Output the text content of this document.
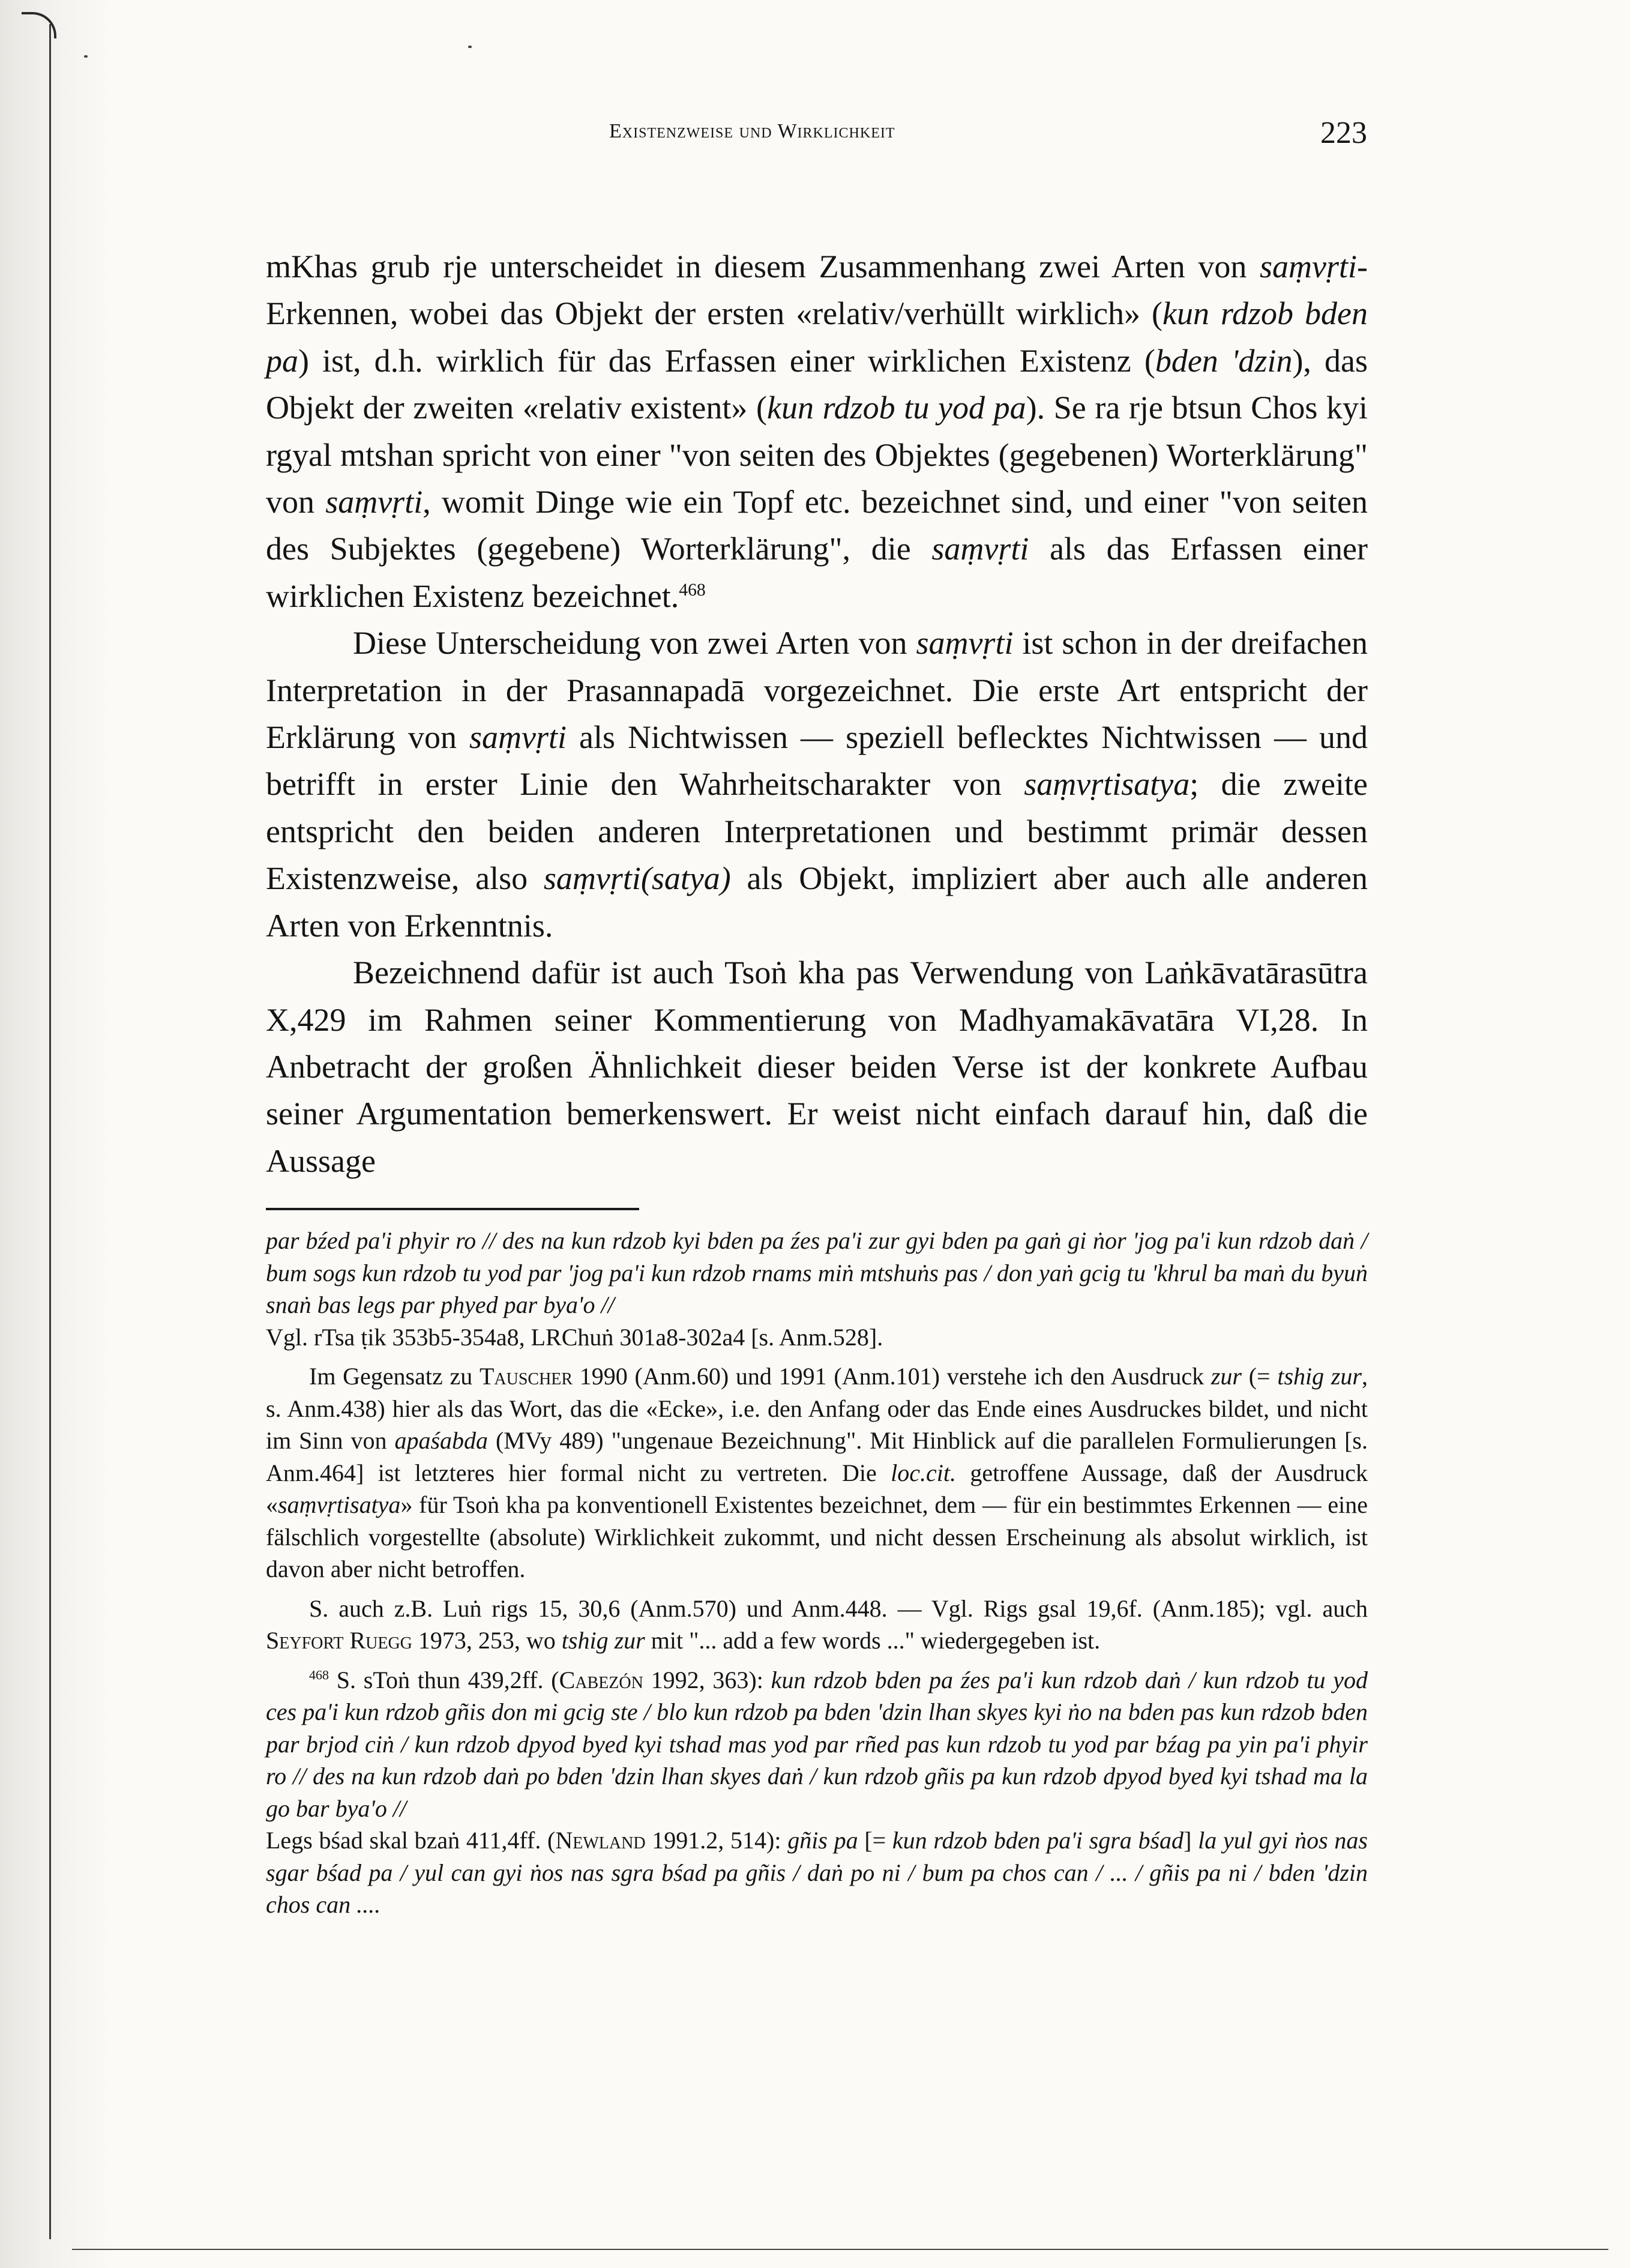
Existenzweise und Wirklichkeit	223

mKhas grub rje unterscheidet in diesem Zusammenhang zwei Arten von saṃvṛti-Erkennen, wobei das Objekt der ersten «relativ/verhüllt wirklich» (kun rdzob bden pa) ist, d.h. wirklich für das Erfassen einer wirklichen Existenz (bden 'dzin), das Objekt der zweiten «relativ existent» (kun rdzob tu yod pa). Se ra rje btsun Chos kyi rgyal mtshan spricht von einer "von seiten des Objektes (gegebenen) Worterklärung" von saṃvṛti, womit Dinge wie ein Topf etc. bezeichnet sind, und einer "von seiten des Subjektes (gegebene) Worterklärung", die saṃvṛti als das Erfassen einer wirklichen Existenz bezeichnet.$^{468}$

Diese Unterscheidung von zwei Arten von saṃvṛti ist schon in der dreifachen Interpretation in der Prasannapadā vorgezeichnet. Die erste Art entspricht der Erklärung von saṃvṛti als Nichtwissen — speziell beflecktes Nichtwissen — und betrifft in erster Linie den Wahrheitscharakter von saṃvṛtisatya; die zweite entspricht den beiden anderen Interpretationen und bestimmt primär dessen Existenzweise, also saṃvṛti(satya) als Objekt, impliziert aber auch alle anderen Arten von Erkenntnis.

Bezeichnend dafür ist auch Tsoṅ kha pas Verwendung von Laṅkāvatārasūtra X,429 im Rahmen seiner Kommentierung von Madhyamakāvatāra VI,28. In Anbetracht der großen Ähnlichkeit dieser beiden Verse ist der konkrete Aufbau seiner Argumentation bemerkenswert. Er weist nicht einfach darauf hin, daß die Aussage

par bźed pa'i phyir ro // des na kun rdzob kyi bden pa źes pa'i zur gyi bden pa gaṅ gi ṅor 'jog pa'i kun rdzob daṅ / bum sogs kun rdzob tu yod par 'jog pa'i kun rdzob rnams miṅ mtshuṅs pas / don yaṅ gcig tu 'khrul ba maṅ du byuṅ snaṅ bas legs par phyed par bya'o //

Vgl. rTsa ṭik 353b5-354a8, LRChuṅ 301a8-302a4 [s. Anm.528].

Im Gegensatz zu Tauscher 1990 (Anm.60) und 1991 (Anm.101) verstehe ich den Ausdruck zur (= tshig zur, s. Anm.438) hier als das Wort, das die «Ecke», i.e. den Anfang oder das Ende eines Ausdruckes bildet, und nicht im Sinn von apaśabda (MVy 489) "ungenaue Bezeichnung". Mit Hinblick auf die parallelen Formulierungen [s. Anm.464] ist letzteres hier formal nicht zu vertreten. Die loc.cit. getroffene Aussage, daß der Ausdruck «saṃvṛtisatya» für Tsoṅ kha pa konventionell Existentes bezeichnet, dem — für ein bestimmtes Erkennen — eine fälschlich vorgestellte (absolute) Wirklichkeit zukommt, und nicht dessen Erscheinung als absolut wirklich, ist davon aber nicht betroffen.

S. auch z.B. Luṅ rigs 15, 30,6 (Anm.570) und Anm.448. — Vgl. Rigs gsal 19,6f. (Anm.185); vgl. auch Seyfort Ruegg 1973, 253, wo tshig zur mit "... add a few words ..." wiedergegeben ist.

$^{468}$ S. sToṅ thun 439,2ff. (Cabezón 1992, 363): kun rdzob bden pa źes pa'i kun rdzob daṅ / kun rdzob tu yod ces pa'i kun rdzob gñis don mi gcig ste / blo kun rdzob pa bden 'dzin lhan skyes kyi ṅo na bden pas kun rdzob bden par brjod ciṅ / kun rdzob dpyod byed kyi tshad mas yod par rñed pas kun rdzob tu yod par bźag pa yin pa'i phyir ro // des na kun rdzob daṅ po bden 'dzin lhan skyes daṅ / kun rdzob gñis pa kun rdzob dpyod byed kyi tshad ma la go bar bya'o //

Legs bśad skal bzaṅ 411,4ff. (Newland 1991.2, 514): gñis pa [= kun rdzob bden pa'i sgra bśad] la yul gyi ṅos nas sgar bśad pa / yul can gyi ṅos nas sgra bśad pa gñis / daṅ po ni / bum pa chos can / ... / gñis pa ni / bden 'dzin chos can ....
